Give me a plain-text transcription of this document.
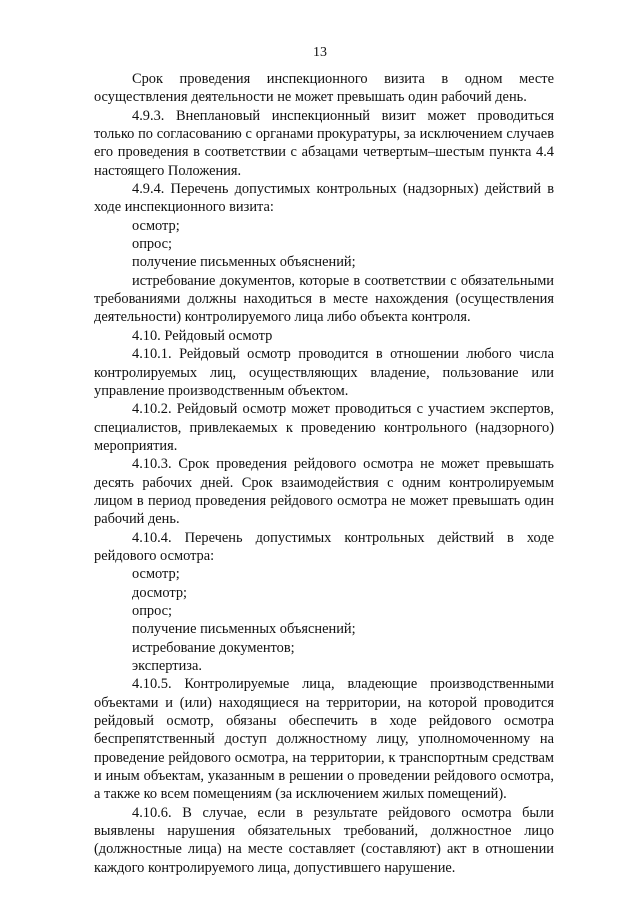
13

Срок проведения инспекционного визита в одном месте осуществления деятельности не может превышать один рабочий день.

4.9.3. Внеплановый инспекционный визит может проводиться только по согласованию с органами прокуратуры, за исключением случаев его проведения в соответствии с абзацами четвертым–шестым пункта 4.4 настоящего Положения.

4.9.4. Перечень допустимых контрольных (надзорных) действий в ходе инспекционного визита:

осмотр;

опрос;

получение письменных объяснений;

истребование документов, которые в соответствии с обязательными требованиями должны находиться в месте нахождения (осуществления деятельности) контролируемого лица либо объекта контроля.

4.10. Рейдовый осмотр

4.10.1. Рейдовый осмотр проводится в отношении любого числа контролируемых лиц, осуществляющих владение, пользование или управление производственным объектом.

4.10.2. Рейдовый осмотр может проводиться с участием экспертов, специалистов, привлекаемых к проведению контрольного (надзорного) мероприятия.

4.10.3. Срок проведения рейдового осмотра не может превышать десять рабочих дней. Срок взаимодействия с одним контролируемым лицом в период проведения рейдового осмотра не может превышать один рабочий день.

4.10.4. Перечень допустимых контрольных действий в ходе рейдового осмотра:

осмотр;

досмотр;

опрос;

получение письменных объяснений;

истребование документов;

экспертиза.

4.10.5. Контролируемые лица, владеющие производственными объектами и (или) находящиеся на территории, на которой проводится рейдовый осмотр, обязаны обеспечить в ходе рейдового осмотра беспрепятственный доступ должностному лицу, уполномоченному на проведение рейдового осмотра, на территории, к транспортным средствам и иным объектам, указанным в решении о проведении рейдового осмотра, а также ко всем помещениям (за исключением жилых помещений).

4.10.6. В случае, если в результате рейдового осмотра были выявлены нарушения обязательных требований, должностное лицо (должностные лица) на месте составляет (составляют) акт в отношении каждого контролируемого лица, допустившего нарушение.
